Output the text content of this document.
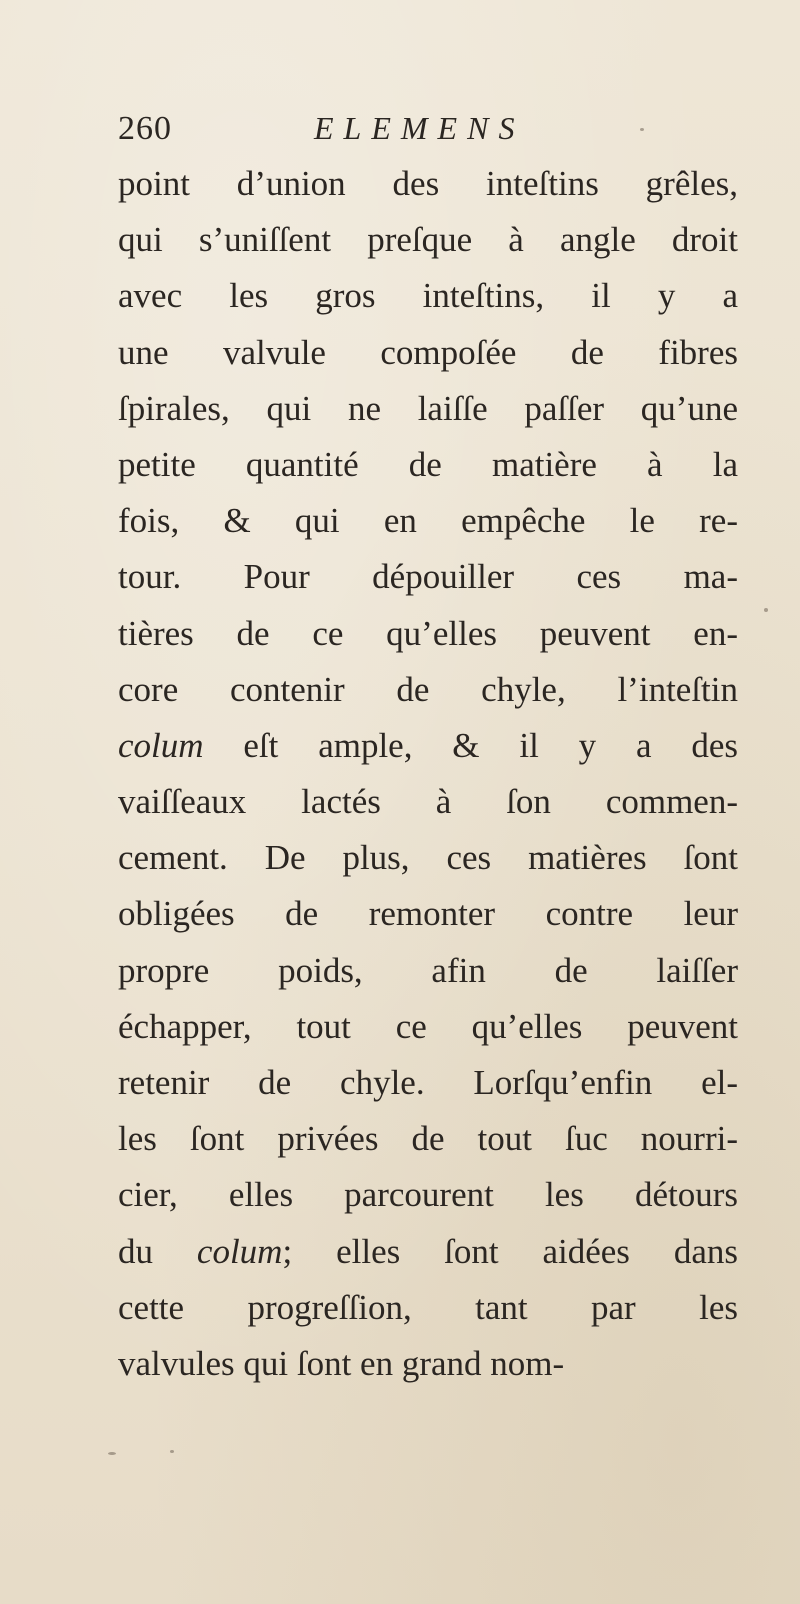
260	ELEMENS
point d’union des inteſtins grêles,
qui s’uniſſent preſque à angle droit
avec les gros inteſtins, il y a
une valvule compoſée de fibres
ſpirales, qui ne laiſſe paſſer qu’une
petite quantité de matière à la
fois, & qui en empêche le re-
tour. Pour dépouiller ces ma-
tières de ce qu’elles peuvent en-
core contenir de chyle, l’inteſtin
colum eſt ample, & il y a des
vaiſſeaux lactés à ſon commen-
cement. De plus, ces matières ſont
obligées de remonter contre leur
propre poids, afin de laiſſer
échapper, tout ce qu’elles peuvent
retenir de chyle. Lorſqu’enfin el-
les ſont privées de tout ſuc nourri-
cier, elles parcourent les détours
du colum; elles ſont aidées dans
cette progreſſion, tant par les
valvules qui ſont en grand nom-
